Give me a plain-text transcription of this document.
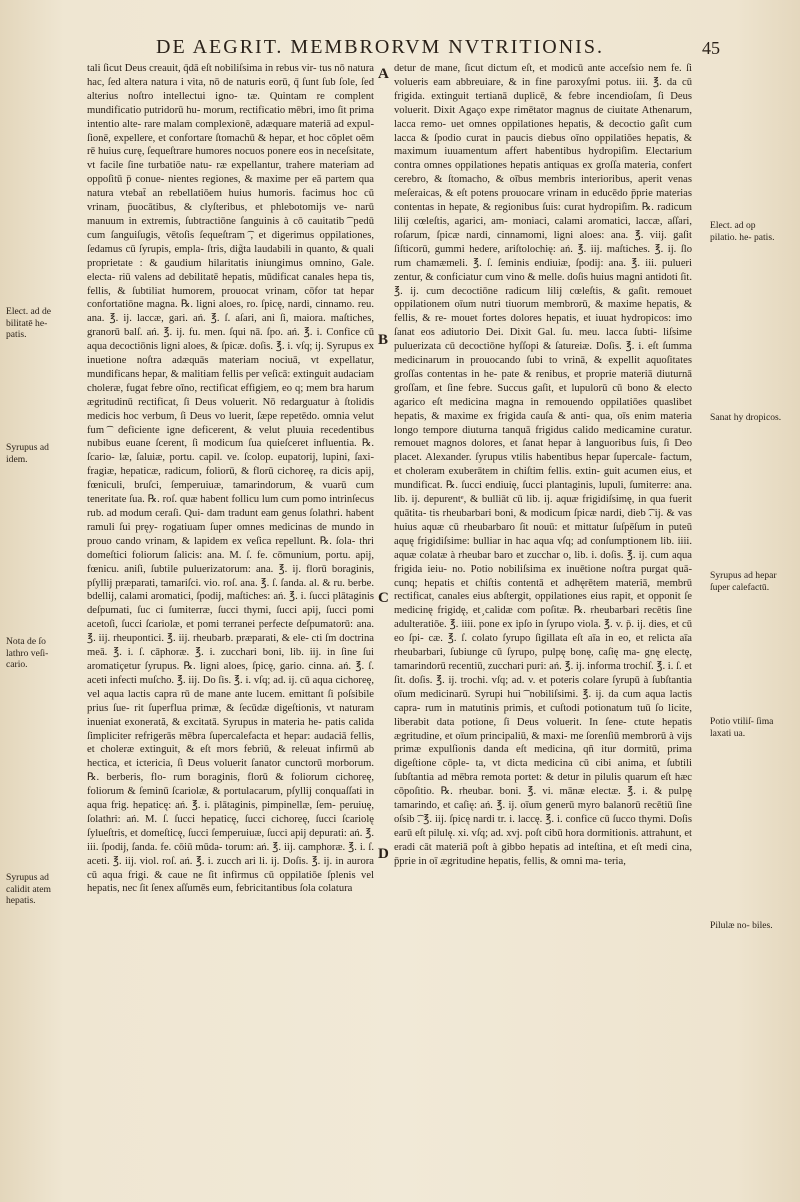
DE AEGRIT. MEMBRORVM NVTRITIONIS.	45

tali ſicut Deus creauit, q̄dā eſt nobiliſsima in rebus vir- tus nō natura hac, ſed altera natura i vita, nō de naturis eorū, q̄ ſunt ſub ſole, ſed alterius noſtro intellectui igno- tæ. Quintam re complent mundificatio putridorū hu- morum, rectificatio mēbri, imo ſit prima intentio alte- rare malam complexionē, adæquare materiā ad expul- ſionē, expellere, et confortare ſtomachū & hepar, et hoc cōplet oēm rē huius curę, ſequeſtrare humores nocuos ponere eos in neceſsitate, vt facile ſine turbatiōe natu- ræ expellantur, trahere materiam ad oppoſitū p̄ conue- nientes regiones, & maxime per eā partem qua natura vtebat̄ an rebellatiōem huius humoris. facimus hoc cū vrinam, p̄uocātibus, & clyſteribus, et phlebotomijs ve- narū manuum in extremis, ſubtractiōne ſanguinis à cō cauitatib ͡ pedū cum ſanguiſugis, vētoſis ſequeſtram ͡, et digerimus oppilationes, ſedamus cū ſyrupis, empla- ſtris, dig̃ta laudabili in quanto, & quali proprietate : & gaudium hilaritatis iniungimus omnino, Gale. electa- riū valens ad debilitatē hepatis, mūdificat canales hepa tis, fellis, & ſubtiliat humorem, prouocat vrinam, cōfor tat hepar confortatiōne magna. ℞. ligni aloes, ro. ſpicę, nardi, cinnamo. reu. ana. ℥. ij. laccæ, gari. ań. ℥. ſ. aſari, ani ſi, maiora. maſtiches, granorū balſ. ań. ℥. ij. fu. men. ſqui nā. ſpo. ań. ℥. i. Confice cū aqua decoctiōnis ligni aloes, & ſpicæ. doſis. ℥. i. vſq; ij. Syrupus ex inuetione noſtra adæquās materiam nociuā, vt expellatur, mundificans hepar, & malitiam fellis per veſicā: extinguit audaciam choleræ, fugat febre oīno, rectificat effigiem, eo q; mem bra harum ægritudinū rectificat, ſi Deus voluerit. Nō redarguatur à ſtolidis medicis hoc verbum, ſi Deus vo luerit, ſæpe repetēdo. omnia velut fum ͡ deficiente igne deficerent, & velut pluuia recedentibus nubibus euane ſcerent, ſi modicum ſua quieſceret influentia. ℞. ſcario- læ, ſaluiæ, portu. capil. ve. ſcolop. eupatorij, lupini, ſaxi- fragiæ, hepaticæ, radicum, foliorū, & florū cichoreę, ra dicis apij, fœniculi, bruſci, ſemperuiuæ, tamarindorum, & vuarū cum teneritate ſua. ℞. roſ. quæ habent follicu lum cum pomo intrinſecus rub. ad modum ceraſi. Qui- dam tradunt eam genus ſolathri. habent ramuli ſui pręy- rogatiuam ſuper omnes medicinas de mundo in prouo cando vrinam, & lapidem ex veſica repellunt. ℞. ſola- thri domeſtici foliorum ſalicis: ana. M. ſ. fe. cōmunium, portu. apij, fœnicu. aniſi, ſubtile puluerizatorum: ana. ℥. ij. florū boraginis, pſyllij præparati, tamariſci. vio. roſ. ana. ℥. ſ. ſanda. al. & ru. berbe. bdellij, calami aromatici, ſpodij, maſtiches: ań. ℥. i. ſucci plātaginis deſpumati, ſuc ci ſumiterræ, ſucci thymi, ſucci apij, ſucci pomi acetoſi, ſucci ſcariolæ, et pomi terranei perfecte deſpumatorū: ana. ℥. iij. rheupontici. ℥. iij. rheubarb. præparati, & ele- cti ſm doctrina meā. ℥. i. ſ. cāphoræ. ℥. i. zucchari boni, lib. iij. in ſine ſui aromatiçetur ſyrupus. ℞. ligni aloes, ſpicę, gario. cinna. ań. ℥. ſ. aceti infecti muſcho. ℥. iij. Do ſis. ℥. i. vſq; ad. ij. cū aqua cichoreę, vel aqua lactis capra rū de mane ante lucem. emittant ſi poſsibile prius ſue- rit ſuperflua primæ, & ſecūdæ digeſtionis, vt naturam inueniat exonerată, & excitatā. Syrupus in materia he- patis calida ſimpliciter refrigerās mēbra ſupercalefacta et hepar: audaciā fellis, et choleræ extinguit, & eſt mors febriū, & releuat infirmū ab hectica, et ictericia, ſi Deus voluerit ſanator cunctorū morborum. ℞. berberis, flo- rum boraginis, florū & foliorum cichoreę, foliorum & ſeminū ſcariolæ, & portulacarum, pſyllij conquaſſati in aqua frig. hepaticę: ań. ℥. i. plātaginis, pimpinellæ, ſem- peruiuę, ſolathri: ań. M. ſ. ſucci hepaticę, ſucci cichoreę, ſucci ſcariolę ſylueſtris, et domeſticę, ſucci ſemperuiuæ, ſucci apij depurati: ań. ℥. iii. ſpodij, ſanda. fe. cōiū mūda- torum: ań. ℥. iij. camphoræ. ℥. i. ſ. aceti. ℥. iij. viol. roſ. ań. ℥. i. zucch ari li. ij. Doſis. ℥. ij. in aurora cū aqua frigi. & caue ne ſit infirmus cū oppilatiōe ſplenis vel hepatis, nec ſit ſenex aſſumēs eum, febricitantibus ſola colatura

detur de mane, ſicut dictum eſt, et modicū ante acceſsio nem fe. ſi volueris eam abbreuiare, & in fine paroxyſmi potus. iii. ℥. da cū frigida. extinguit tertianā duplicē, & febre incendioſam, ſi Deus voluerit. Dixit Agaço expe rimētator magnus de ciuitate Athenarum, lacca remo- uet omnes oppilationes hepatis, & decoctio gaſit cum lacca & ſpodio curat in paucis diebus oīno oppilatiōes hepatis, & maximum iuuamentum affert habentibus hydropiſim. Electarium contra omnes oppilationes hepatis antiquas ex groſſa materia, confert cerebro, & ſtomacho, & oībus membris interioribus, aperit venas meſeraicas, & eſt potens prouocare vrinam in educēdo p̄prie materias contentas in hepate, & regionibus ſuis: curat hydropiſim. ℞. radicum lilij cœleſtis, agarici, am- moniaci, calami aromatici, laccæ, aſſari, roſarum, ſpicæ nardi, cinnamomi, ligni aloes: ana. ℥. viij. gaſit ſiſticorū, gummi hedere, ariſtolochię: ań. ℥. iij. maſtiches. ℥. ij. ſlo rum chamæmeli. ℥. ſ. ſeminis endiuiæ, ſpodij: ana. ℥. iii. pulueri zentur, & conficiatur cum vino & melle. doſis huius magni antidoti ſit. ℥. ij. cum decoctiōne radicum lilij cœleſtis, & gaſit. remouet oppilationem oīum nutri tiuorum membrorū, & maxime hepatis, & fellis, & re- mouet fortes dolores hepatis, et iuuat hydropicos: imo ſanat eos adiutorio Dei. Dixit Gal. ſu. meu. lacca ſubti- liſsime puluerizata cū decoctiōne hyſſopi & ſatureiæ. Doſis. ℥. i. eſt ſumma medicinarum in prouocando ſubi to vrinā, & expellit aquoſitates groſſas contentas in he- pate & renibus, et proprie materiā diuturnā groſſam, et ſine febre. Succus gaſit, et lupulorū cū bono & electo agarico eſt medicina magna in remouendo oppilatiōes quaslibet hepatis, & maxime ex frigida cauſa & anti- qua, oīs enim materia longo tempore diuturna tanquā frigidus calido medicamine curatur. remouet magnos dolores, et ſanat hepar à languoribus ſuis, ſi Deo placet. Alexander. ſyrupus vtilis habentibus hepar ſupercale- factum, et choleram exuberātem in chiſtim fellis. extin- guit acumen eius, et mundificat. ℞. ſucci endiuię, ſucci plantaginis, lupuli, ſumiterre: ana. lib. ij. depurentᵉ, & bulliāt cū lib. ij. aquæ frigidiſsimę, in qua fuerit quātita- tis rheubarbari boni, & modicum ſpicæ nardi, dieb ͡. ij. & vas huius aquæ cū rheubarbaro ſit nouū: et mittatur ſuſpēſum in puteū aquę frigidiſsime: bulliar in hac aqua vſq; ad conſumptionem lib. iiii. aquæ colatæ à rheubar baro et zucchar o, lib. i. doſis. ℥. ij. cum aqua frigida ieiu- no. Potio nobiliſsima ex inuētione noſtra purgat quā- cunq; hepatis et chiſtis contentā et adhęrētem materiā, membrū rectificat, canales eius abſtergit, oppilationes eius rapit, et opponit ſe medicinę frigidę, et ̧calidæ com poſitæ. ℞. rheubarbari recētis ſine adulteratiōe. ℥. iiii. pone ex ipſo in ſyrupo viola. ℥. v. p̄. ij. dies, et cū eo ſpi- cæ. ℥. ſ. colato ſyrupo ſigillata eſt aīa in eo, et relicta aīa rheubarbari, ſubiunge cū ſyrupo, pulpę bonę, caſię ma- gnę electę, tamarindorū recentiū, zucchari puri: ań. ℥. ij. informa trochiſ. ℥. i. ſ. et ſit. doſis. ℥. ij. trochi. vſq; ad. v. et poteris colare ſyrupū à ſubſtantia oīum medicinarū. Syrupi hui ͡ nobiliſsimi. ℥. ij. da cum aqua lactis capra- rum in matutinis primis, et cuſtodi potionatum tuū ſo licite, liberabit data potione, ſi Deus voluerit. In ſene- ctute hepatis ægritudine, et oīum principaliū, & maxi- me ſorenſiū membrorū à vijs primæ expulſionis danda eſt medicina, qñ itur dormitū, prima digeſtione cōple- ta, vt dicta medicina cū cibi anima, et ſubtili ſubſtantia ad mēbra remota portet: & detur in pilulis quarum eſt hæc cōpoſitio. ℞. rheubar. boni. ℥. vi. mānæ electæ. ℥. i. & pulpę tamarindo, et caſię: ań. ℥. ij. oīum generū myro balanorū recētiū ſine oſsib ͡. ℥. iij. ſpicę nardi tr. i. laccę. ℥. i. confice cū ſucco thymi. Doſis earū eſt pilulę. xi. vſq; ad. xvj. poſt cibū hora dormitionis. attrahunt, et eradi cāt materiā poſt à gibbo hepatis ad inteſtina, et eſt medi cina, p̄prie in oī ægritudine hepatis, fellis, & omni ma- teria,

A
B
C
D
Elect. ad de bilitatē he- patis.
Syrupus ad idem.
Nota de ſo lathro veſi- cario.
Syrupus ad calidit atem hepatis.
Elect. ad op pilatio. he- patis.
Sanat hy dropicos.
Syrupus ad hepar ſuper calefactū.
Potio vtiliſ- ſima laxati ua.
Pilulæ no- biles.
